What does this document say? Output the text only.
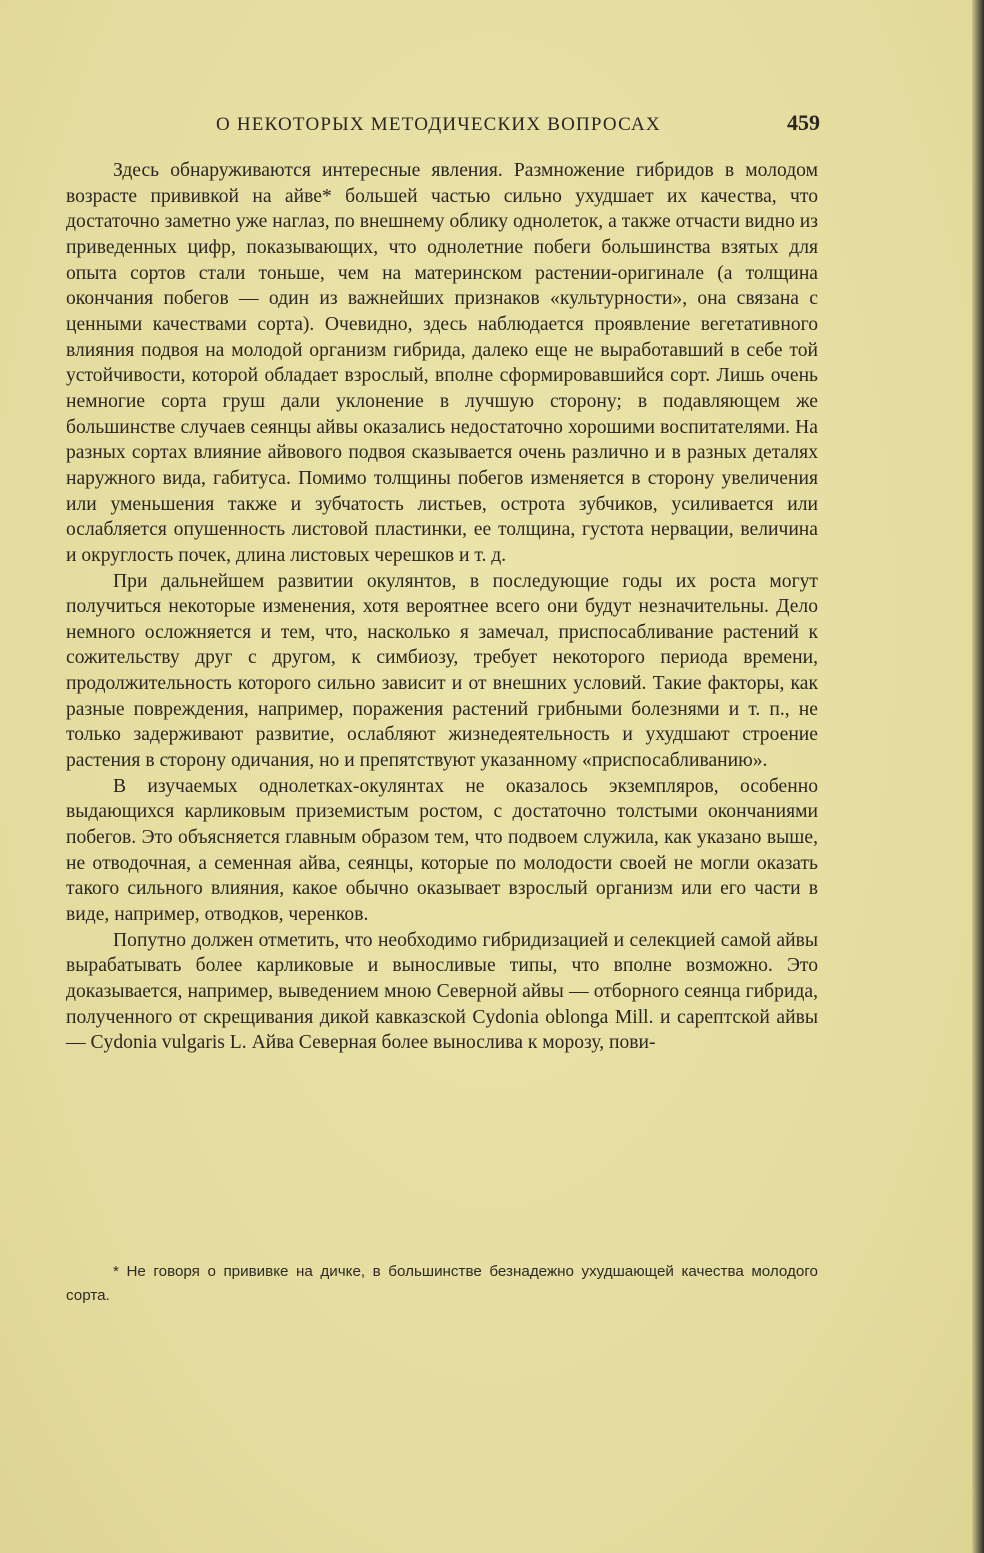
О НЕКОТОРЫХ МЕТОДИЧЕСКИХ ВОПРОСАХ	459

Здесь обнаруживаются интересные явления. Размножение гибридов в молодом возрасте прививкой на айве* большей частью сильно ухудшает их качества, что достаточно заметно уже наглаз, по внешнему облику однолеток, а также отчасти видно из приведенных цифр, показывающих, что однолетние побеги большинства взятых для опыта сортов стали тоньше, чем на материнском растении-оригинале (а толщина окончания побегов — один из важнейших признаков «культурности», она связана с ценными качествами сорта). Очевидно, здесь наблюдается проявление вегетативного влияния подвоя на молодой организм гибрида, далеко еще не выработавший в себе той устойчивости, которой обладает взрослый, вполне сформировавшийся сорт. Лишь очень немногие сорта груш дали уклонение в лучшую сторону; в подавляющем же большинстве случаев сеянцы айвы оказались недостаточно хорошими воспитателями. На разных сортах влияние айвового подвоя сказывается очень различно и в разных деталях наружного вида, габитуса. Помимо толщины побегов изменяется в сторону увеличения или уменьшения также и зубчатость листьев, острота зубчиков, усиливается или ослабляется опушенность листовой пластинки, ее толщина, густота нервации, величина и округлость почек, длина листовых черешков и т. д.

При дальнейшем развитии окулянтов, в последующие годы их роста могут получиться некоторые изменения, хотя вероятнее всего они будут незначительны. Дело немного осложняется и тем, что, насколько я замечал, приспосабливание растений к сожительству друг с другом, к симбиозу, требует некоторого периода времени, продолжительность которого сильно зависит и от внешних условий. Такие факторы, как разные повреждения, например, поражения растений грибными болезнями и т. п., не только задерживают развитие, ослабляют жизнедеятельность и ухудшают строение растения в сторону одичания, но и препятствуют указанному «приспосабливанию».

В изучаемых однолетках-окулянтах не оказалось экземпляров, особенно выдающихся карликовым приземистым ростом, с достаточно толстыми окончаниями побегов. Это объясняется главным образом тем, что подвоем служила, как указано выше, не отводочная, а семенная айва, сеянцы, которые по молодости своей не могли оказать такого сильного влияния, какое обычно оказывает взрослый организм или его части в виде, например, отводков, черенков.

Попутно должен отметить, что необходимо гибридизацией и селекцией самой айвы вырабатывать более карликовые и выносливые типы, что вполне возможно. Это доказывается, например, выведением мною Северной айвы — отборного сеянца гибрида, полученного от скрещивания дикой кавказской Cydonia oblonga Mill. и сарептской айвы — Cydonia vulgaris L. Айва Северная более вынослива к морозу, пови-

* Не говоря о прививке на дичке, в большинстве безнадежно ухудшающей качества молодого сорта.
